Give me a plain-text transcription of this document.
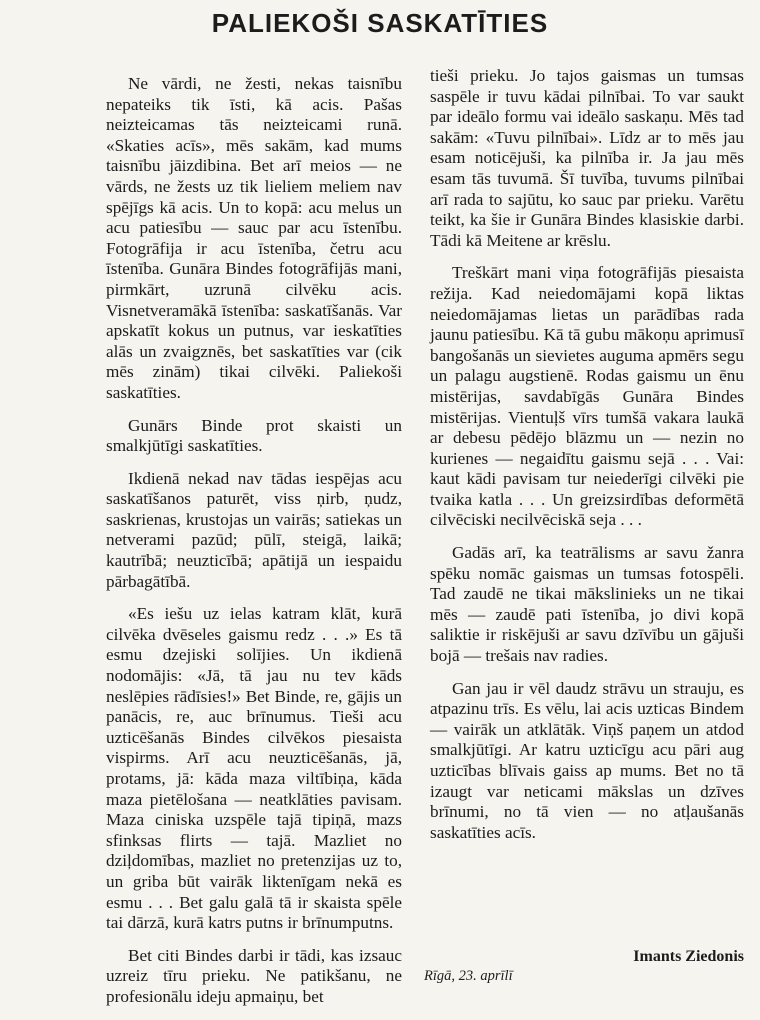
PALIEKOŠI SASKATĪTIES

Ne vārdi, ne žesti, nekas taisnību nepateiks tik īsti, kā acis. Pašas neizteicamas tās neizteicami runā. «Skaties acīs», mēs sakām, kad mums taisnību jāizdibina. Bet arī meios — ne vārds, ne žests uz tik lieliem meliem nav spējīgs kā acis. Un to kopā: acu melus un acu patiesību — sauc par acu īstenību. Fotogrāfija ir acu īstenība, četru acu īstenība. Gunāra Bindes fotogrāfijās mani, pirmkārt, uzrunā cilvēku acis. Visnetveramākā īstenība: saskatīšanās. Var apskatīt kokus un putnus, var ieskatīties alās un zvaigznēs, bet saskatīties var (cik mēs zinām) tikai cilvēki. Paliekoši saskatīties.

Gunārs Binde prot skaisti un smalkjūtīgi saskatīties.

Ikdienā nekad nav tādas iespējas acu saskatīšanos paturēt, viss ņirb, ņudz, saskrienas, krustojas un vairās; satiekas un netverami pazūd; pūlī, steigā, laikā; kautrībā; neuzticībā; apātijā un iespaidu pārbagātībā.

«Es iešu uz ielas katram klāt, kurā cilvēka dvēseles gaismu redz . . .» Es tā esmu dzejiski solījies. Un ikdienā nodomājis: «Jā, tā jau nu tev kāds neslēpies rādīsies!» Bet Binde, re, gājis un panācis, re, auc brīnumus. Tieši acu uzticēšanās Bindes cilvēkos piesaista vispirms. Arī acu neuzticēšanās, jā, protams, jā: kāda maza viltībiņa, kāda maza pietēlošana — neatklāties pavisam. Maza ciniska uzspēle tajā tipiņā, mazs sfinksas flirts — tajā. Mazliet no dziļdomības, mazliet no pretenzijas uz to, un griba būt vairāk liktenīgam nekā es esmu . . . Bet galu galā tā ir skaista spēle tai dārzā, kurā katrs putns ir brīnumputns.

Bet citi Bindes darbi ir tādi, kas izsauc uzreiz tīru prieku. Ne patikšanu, ne profesionālu ideju apmaiņu, bet

tieši prieku. Jo tajos gaismas un tumsas saspēle ir tuvu kādai pilnībai. To var saukt par ideālo formu vai ideālo saskaņu. Mēs tad sakām: «Tuvu pilnībai». Līdz ar to mēs jau esam noticējuši, ka pilnība ir. Ja jau mēs esam tās tuvumā. Šī tuvība, tuvums pilnībai arī rada to sajūtu, ko sauc par prieku. Varētu teikt, ka šie ir Gunāra Bindes klasiskie darbi. Tādi kā Meitene ar krēslu.

Treškārt mani viņa fotogrāfijās piesaista režija. Kad neiedomājami kopā liktas neiedomājamas lietas un parādības rada jaunu patiesību. Kā tā gubu mākoņu aprimusī bangošanās un sievietes auguma apmērs segu un palagu augstienē. Rodas gaismu un ēnu mistērijas, savdabīgās Gunāra Bindes mistērijas. Vientuļš vīrs tumšā vakara laukā ar debesu pēdējo blāzmu un — nezin no kurienes — negaidītu gaismu sejā . . . Vai: kaut kādi pavisam tur neiederīgi cilvēki pie tvaika katla . . . Un greizsirdības deformētā cilvēciski necilvēciskā seja . . .

Gadās arī, ka teatrālisms ar savu žanra spēku nomāc gaismas un tumsas fotospēli. Tad zaudē ne tikai mākslinieks un ne tikai mēs — zaudē pati īstenība, jo divi kopā saliktie ir riskējuši ar savu dzīvību un gājuši bojā — trešais nav radies.

Gan jau ir vēl daudz strāvu un strauju, es atpazinu trīs. Es vēlu, lai acis uzticas Bindem — vairāk un atklātāk. Viņš paņem un atdod smalkjūtīgi. Ar katru uzticīgu acu pāri aug uzticības blīvais gaiss ap mums. Bet no tā izaugt var neticami mākslas un dzīves brīnumi, no tā vien — no atļaušanās saskatīties acīs.

Imants Ziedonis
Rīgā, 23. aprīlī
